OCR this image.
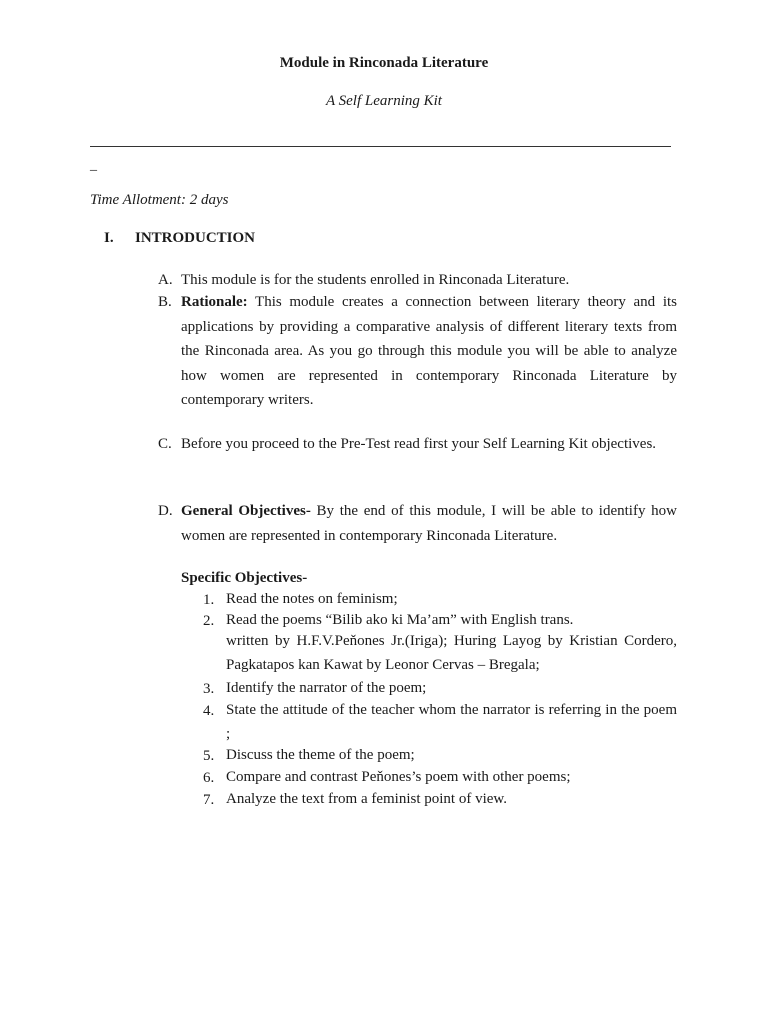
Module in Rinconada Literature
A Self Learning Kit
_
Time Allotment: 2 days
I. INTRODUCTION
A. This module is for the students enrolled in Rinconada Literature.
B. Rationale: This module creates a connection between literary theory and its applications by providing a comparative analysis of different literary texts from the Rinconada area. As you go through this module you will be able to analyze how women are represented in contemporary Rinconada Literature by contemporary writers.
C. Before you proceed to the Pre-Test read first your Self Learning Kit objectives.
D. General Objectives- By the end of this module, I will be able to identify how women are represented in contemporary Rinconada Literature.
Specific Objectives-
1. Read the notes on feminism;
2. Read the poems “Bilib ako ki Ma’am” with English trans.
written by H.F.V.Peňones Jr.(Iriga); Huring Layog by Kristian Cordero, Pagkatapos kan Kawat by Leonor Cervas – Bregala;
3. Identify the narrator of the poem;
4. State the attitude of the teacher whom the narrator is referring in the poem ;
5. Discuss the theme of the poem;
6. Compare and contrast Peňones’s poem with other poems;
7. Analyze the text from a feminist point of view.
